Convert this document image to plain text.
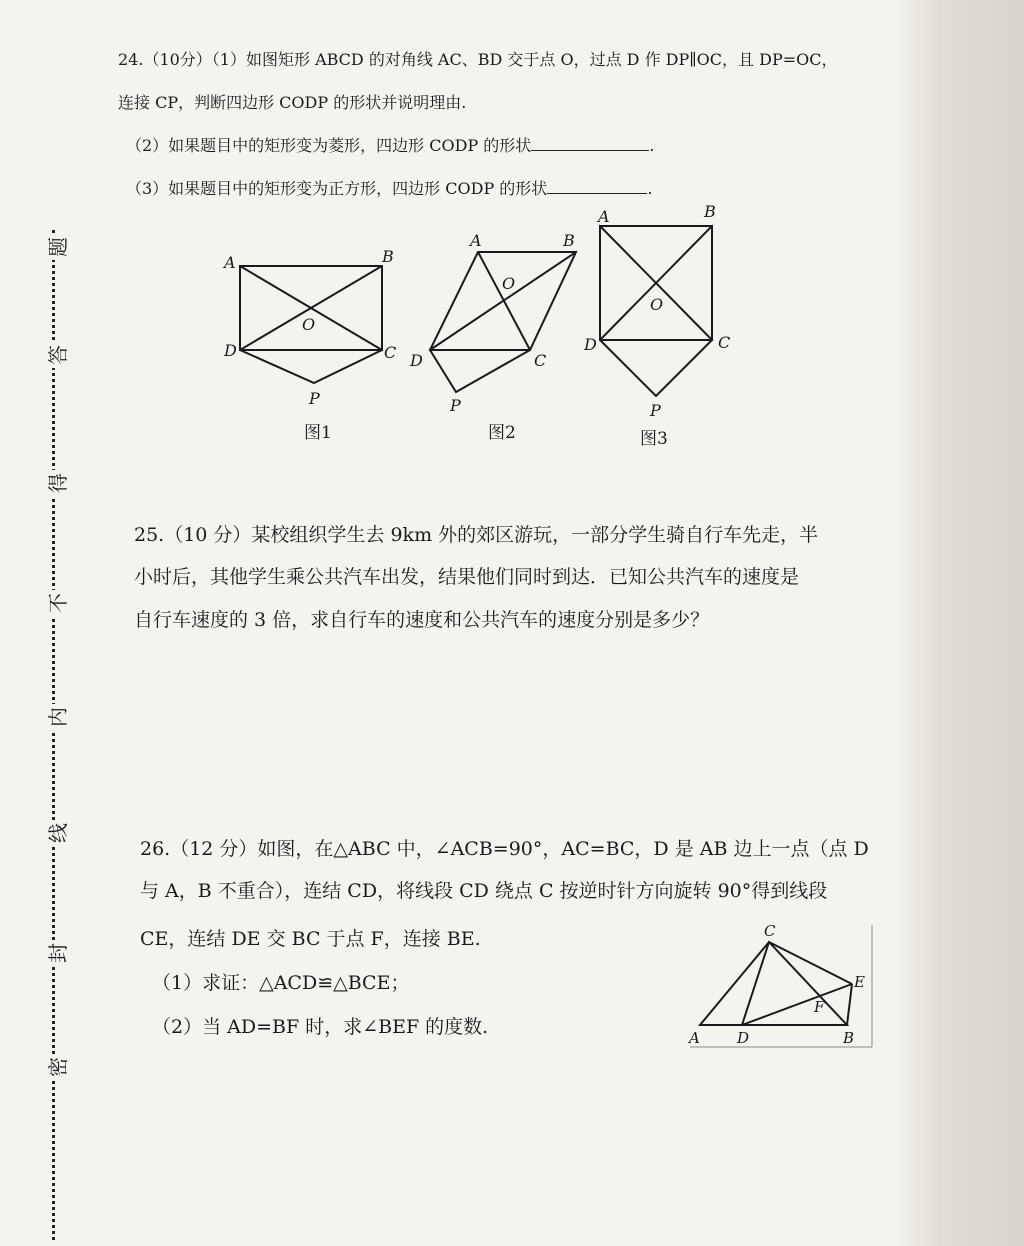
题
答
得
不
内
线
封
密
24.（10分）（1）如图矩形 ABCD 的对角线 AC、BD 交于点 O，过点 D 作 DP∥OC，且 DP=OC，
连接 CP，判断四边形 CODP 的形状并说明理由.
（2）如果题目中的矩形变为菱形，四边形 CODP 的形状	.
（3）如果题目中的矩形变为正方形，四边形 CODP 的形状	.
A	B
C
D
O
P
A	B
C
D
O
P
A	B
C
D
O
P
图1	图2	图3
25.（10 分）某校组织学生去 9km 外的郊区游玩，一部分学生骑自行车先走，半
小时后，其他学生乘公共汽车出发，结果他们同时到达．已知公共汽车的速度是
自行车速度的 3 倍，求自行车的速度和公共汽车的速度分别是多少？
26.（12 分）如图，在△ABC 中，∠ACB=90°，AC=BC，D 是 AB 边上一点（点 D
与 A，B 不重合），连结 CD，将线段 CD 绕点 C 按逆时针方向旋转 90°得到线段
CE，连结 DE 交 BC 于点 F，连接 BE.
（1）求证：△ACD≌△BCE；
（2）当 AD=BF 时，求∠BEF 的度数.	A	B
C
D
E
F
